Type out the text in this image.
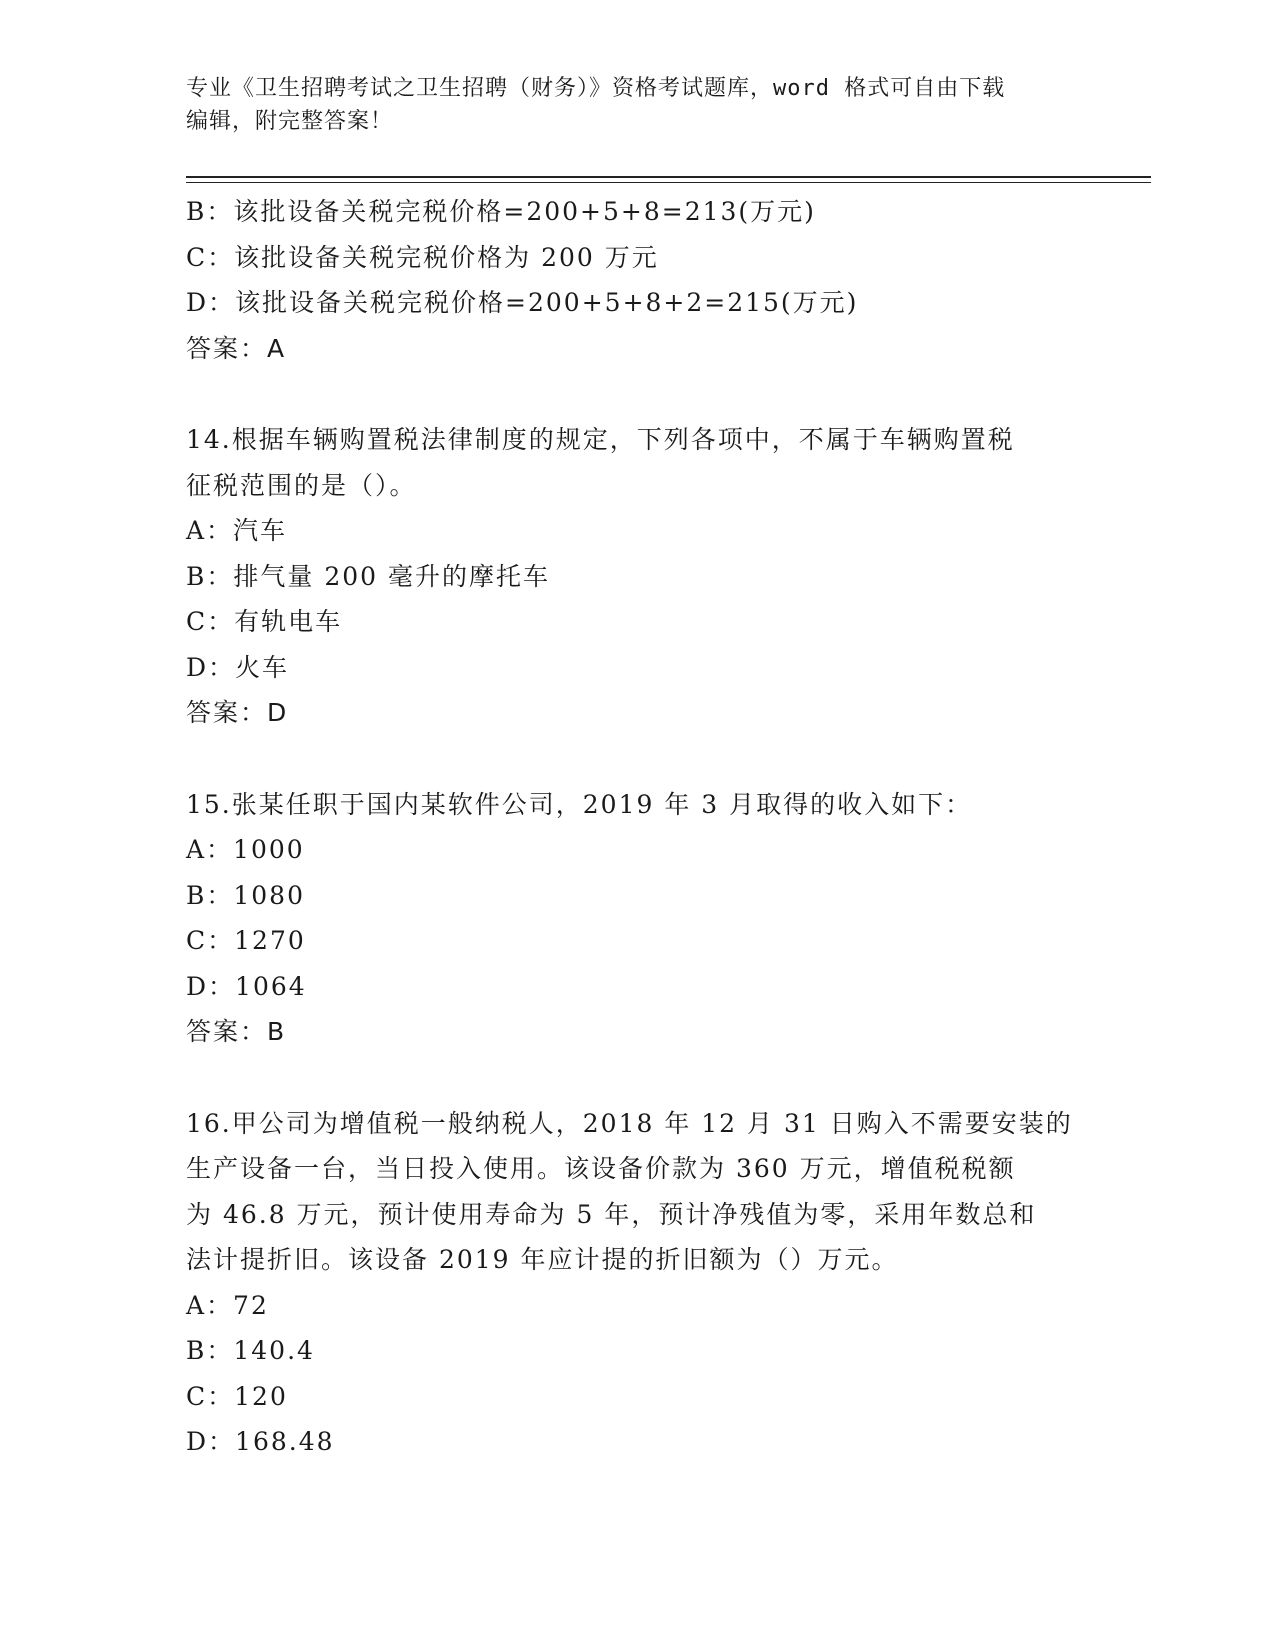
专业《卫生招聘考试之卫生招聘（财务）》资格考试题库，word 格式可自由下载
编辑，附完整答案！
B：该批设备关税完税价格=200+5+8=213(万元)
C：该批设备关税完税价格为 200 万元
D：该批设备关税完税价格=200+5+8+2=215(万元)
答案：A
14.根据车辆购置税法律制度的规定，下列各项中，不属于车辆购置税
征税范围的是（）。
A：汽车
B：排气量 200 毫升的摩托车
C：有轨电车
D：火车
答案：D
15.张某任职于国内某软件公司，2019 年 3 月取得的收入如下：
A：1000
B：1080
C：1270
D：1064
答案：B
16.甲公司为增值税一般纳税人，2018 年 12 月 31 日购入不需要安装的
生产设备一台，当日投入使用。该设备价款为 360 万元，增值税税额
为 46.8 万元，预计使用寿命为 5 年，预计净残值为零，采用年数总和
法计提折旧。该设备 2019 年应计提的折旧额为（）万元。
A：72
B：140.4
C：120
D：168.48
